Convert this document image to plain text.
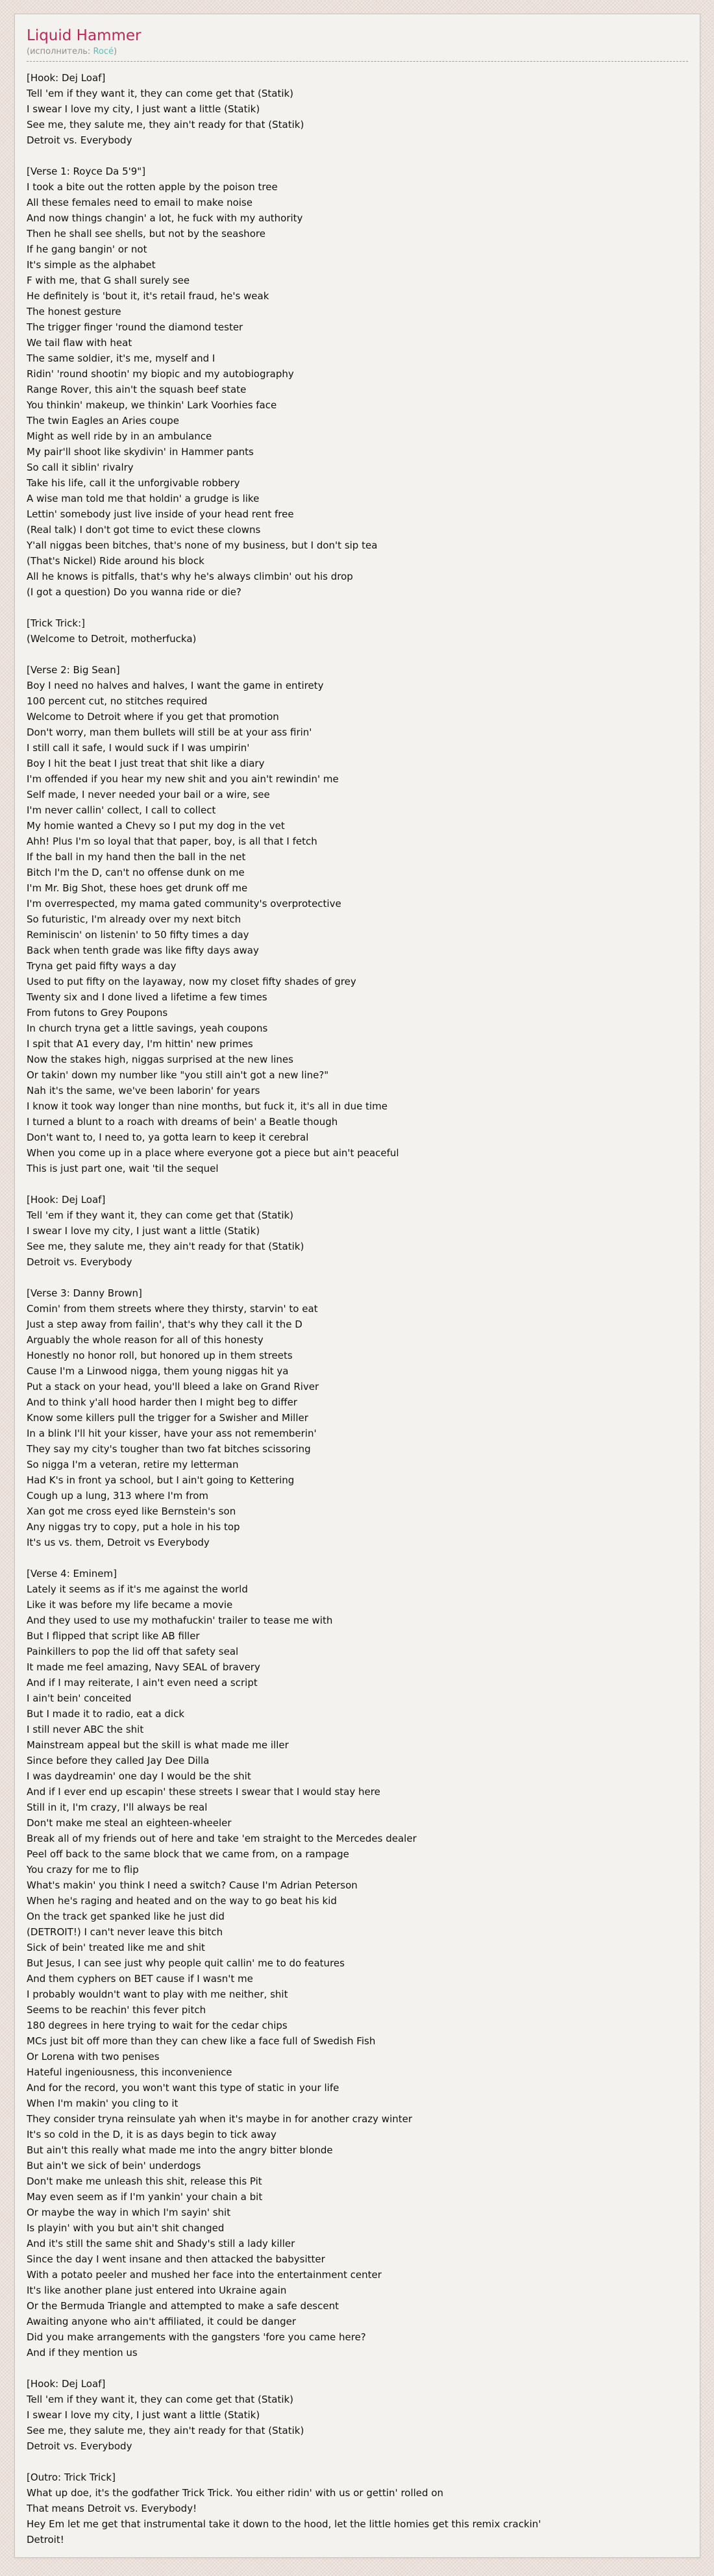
Liquid Hammer
(исполнитель: Rocé)
[Hook: Dej Loaf]
Tell 'em if they want it, they can come get that (Statik)
I swear I love my city, I just want a little (Statik)
See me, they salute me, they ain't ready for that (Statik)
Detroit vs. Everybody

[Verse 1: Royce Da 5'9"]
I took a bite out the rotten apple by the poison tree
All these females need to email to make noise
And now things changin' a lot, he fuck with my authority
Then he shall see shells, but not by the seashore
If he gang bangin' or not
It's simple as the alphabet
F with me, that G shall surely see
He definitely is 'bout it, it's retail fraud, he's weak
The honest gesture
The trigger finger 'round the diamond tester
We tail flaw with heat
The same soldier, it's me, myself and I
Ridin' 'round shootin' my biopic and my autobiography
Range Rover, this ain't the squash beef state
You thinkin' makeup, we thinkin' Lark Voorhies face
The twin Eagles an Aries coupe
Might as well ride by in an ambulance
My pair'll shoot like skydivin' in Hammer pants
So call it siblin' rivalry
Take his life, call it the unforgivable robbery
A wise man told me that holdin' a grudge is like
Lettin' somebody just live inside of your head rent free
(Real talk) I don't got time to evict these clowns
Y'all niggas been bitches, that's none of my business, but I don't sip tea
(That's Nickel) Ride around his block
All he knows is pitfalls, that's why he's always climbin' out his drop
(I got a question) Do you wanna ride or die?

[Trick Trick:]
(Welcome to Detroit, motherfucka)

[Verse 2: Big Sean]
Boy I need no halves and halves, I want the game in entirety
100 percent cut, no stitches required
Welcome to Detroit where if you get that promotion
Don't worry, man them bullets will still be at your ass firin'
I still call it safe, I would suck if I was umpirin'
Boy I hit the beat I just treat that shit like a diary
I'm offended if you hear my new shit and you ain't rewindin' me
Self made, I never needed your bail or a wire, see
I'm never callin' collect, I call to collect
My homie wanted a Chevy so I put my dog in the vet
Ahh! Plus I'm so loyal that that paper, boy, is all that I fetch
If the ball in my hand then the ball in the net
Bitch I'm the D, can't no offense dunk on me
I'm Mr. Big Shot, these hoes get drunk off me
I'm overrespected, my mama gated community's overprotective
So futuristic, I'm already over my next bitch
Reminiscin' on listenin' to 50 fifty times a day
Back when tenth grade was like fifty days away
Tryna get paid fifty ways a day
Used to put fifty on the layaway, now my closet fifty shades of grey
Twenty six and I done lived a lifetime a few times
From futons to Grey Poupons
In church tryna get a little savings, yeah coupons
I spit that A1 every day, I'm hittin' new primes
Now the stakes high, niggas surprised at the new lines
Or takin' down my number like "you still ain't got a new line?"
Nah it's the same, we've been laborin' for years
I know it took way longer than nine months, but fuck it, it's all in due time
I turned a blunt to a roach with dreams of bein' a Beatle though
Don't want to, I need to, ya gotta learn to keep it cerebral
When you come up in a place where everyone got a piece but ain't peaceful
This is just part one, wait 'til the sequel

[Hook: Dej Loaf]
Tell 'em if they want it, they can come get that (Statik)
I swear I love my city, I just want a little (Statik)
See me, they salute me, they ain't ready for that (Statik)
Detroit vs. Everybody

[Verse 3: Danny Brown]
Comin' from them streets where they thirsty, starvin' to eat
Just a step away from failin', that's why they call it the D
Arguably the whole reason for all of this honesty
Honestly no honor roll, but honored up in them streets
Cause I'm a Linwood nigga, them young niggas hit ya
Put a stack on your head, you'll bleed a lake on Grand River
And to think y'all hood harder then I might beg to differ
Know some killers pull the trigger for a Swisher and Miller
In a blink I'll hit your kisser, have your ass not rememberin'
They say my city's tougher than two fat bitches scissoring
So nigga I'm a veteran, retire my letterman
Had K's in front ya school, but I ain't going to Kettering
Cough up a lung, 313 where I'm from
Xan got me cross eyed like Bernstein's son
Any niggas try to copy, put a hole in his top
It's us vs. them, Detroit vs Everybody

[Verse 4: Eminem]
Lately it seems as if it's me against the world
Like it was before my life became a movie
And they used to use my mothafuckin' trailer to tease me with
But I flipped that script like AB filler
Painkillers to pop the lid off that safety seal
It made me feel amazing, Navy SEAL of bravery
And if I may reiterate, I ain't even need a script
I ain't bein' conceited
But I made it to radio, eat a dick
I still never ABC the shit
Mainstream appeal but the skill is what made me iller
Since before they called Jay Dee Dilla
I was daydreamin' one day I would be the shit
And if I ever end up escapin' these streets I swear that I would stay here
Still in it, I'm crazy, I'll always be real
Don't make me steal an eighteen-wheeler
Break all of my friends out of here and take 'em straight to the Mercedes dealer
Peel off back to the same block that we came from, on a rampage
You crazy for me to flip
What's makin' you think I need a switch? Cause I'm Adrian Peterson
When he's raging and heated and on the way to go beat his kid
On the track get spanked like he just did
(DETROIT!) I can't never leave this bitch
Sick of bein' treated like me and shit
But Jesus, I can see just why people quit callin' me to do features
And them cyphers on BET cause if I wasn't me
I probably wouldn't want to play with me neither, shit
Seems to be reachin' this fever pitch
180 degrees in here trying to wait for the cedar chips
MCs just bit off more than they can chew like a face full of Swedish Fish
Or Lorena with two penises
Hateful ingeniousness, this inconvenience
And for the record, you won't want this type of static in your life
When I'm makin' you cling to it
They consider tryna reinsulate yah when it's maybe in for another crazy winter
It's so cold in the D, it is as days begin to tick away
But ain't this really what made me into the angry bitter blonde
But ain't we sick of bein' underdogs
Don't make me unleash this shit, release this Pit
May even seem as if I'm yankin' your chain a bit
Or maybe the way in which I'm sayin' shit
Is playin' with you but ain't shit changed
And it's still the same shit and Shady's still a lady killer
Since the day I went insane and then attacked the babysitter
With a potato peeler and mushed her face into the entertainment center
It's like another plane just entered into Ukraine again
Or the Bermuda Triangle and attempted to make a safe descent
Awaiting anyone who ain't affiliated, it could be danger
Did you make arrangements with the gangsters 'fore you came here?
And if they mention us

[Hook: Dej Loaf]
Tell 'em if they want it, they can come get that (Statik)
I swear I love my city, I just want a little (Statik)
See me, they salute me, they ain't ready for that (Statik)
Detroit vs. Everybody

[Outro: Trick Trick]
What up doe, it's the godfather Trick Trick. You either ridin' with us or gettin' rolled on
That means Detroit vs. Everybody!
Hey Em let me get that instrumental take it down to the hood, let the little homies get this remix crackin'
Detroit!
